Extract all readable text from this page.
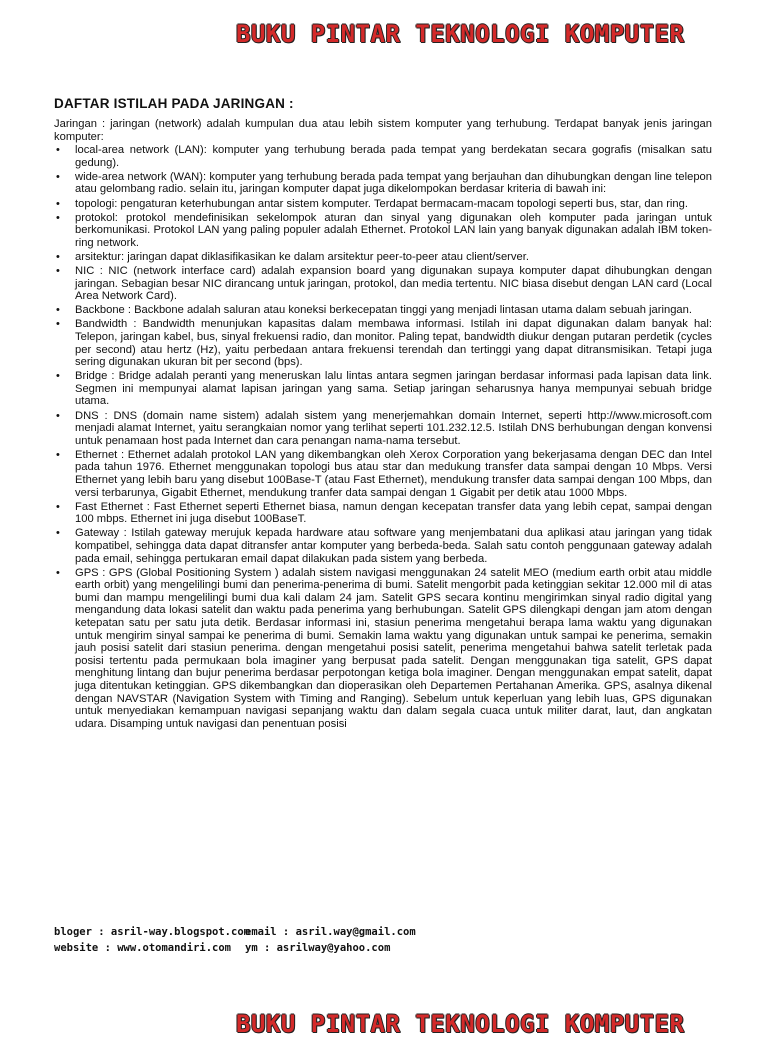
BUKU PINTAR TEKNOLOGI KOMPUTER
DAFTAR ISTILAH PADA JARINGAN :
Jaringan : jaringan (network) adalah kumpulan dua atau lebih sistem komputer yang terhubung. Terdapat banyak jenis jaringan komputer:
• local-area network (LAN): komputer yang terhubung berada pada tempat yang berdekatan secara gografis (misalkan satu gedung).
• wide-area network (WAN): komputer yang terhubung berada pada tempat yang berjauhan dan dihubungkan dengan line telepon atau gelombang radio. selain itu, jaringan komputer dapat juga dikelompokan berdasar kriteria di bawah ini:
• topologi: pengaturan keterhubungan antar sistem komputer. Terdapat bermacam-macam topologi seperti bus, star, dan ring.
• protokol: protokol mendefinisikan sekelompok aturan dan sinyal yang digunakan oleh komputer pada jaringan untuk berkomunikasi. Protokol LAN yang paling populer adalah Ethernet. Protokol LAN lain yang banyak digunakan adalah IBM token-ring network.
• arsitektur: jaringan dapat diklasifikasikan ke dalam arsitektur peer-to-peer atau client/server.
• NIC : NIC (network interface card) adalah expansion board yang digunakan supaya komputer dapat dihubungkan dengan jaringan. Sebagian besar NIC dirancang untuk jaringan, protokol, dan media tertentu. NIC biasa disebut dengan LAN card (Local Area Network Card).
• Backbone : Backbone adalah saluran atau koneksi berkecepatan tinggi yang menjadi lintasan utama dalam sebuah jaringan.
• Bandwidth : Bandwidth menunjukan kapasitas dalam membawa informasi. Istilah ini dapat digunakan dalam banyak hal: Telepon, jaringan kabel, bus, sinyal frekuensi radio, dan monitor. Paling tepat, bandwidth diukur dengan putaran perdetik (cycles per second) atau hertz (Hz), yaitu perbedaan antara frekuensi terendah dan tertinggi yang dapat ditransmisikan. Tetapi juga sering digunakan ukuran bit per second (bps).
• Bridge : Bridge adalah peranti yang meneruskan lalu lintas antara segmen jaringan berdasar informasi pada lapisan data link. Segmen ini mempunyai alamat lapisan jaringan yang sama. Setiap jaringan seharusnya hanya mempunyai sebuah bridge utama.
• DNS : DNS (domain name sistem) adalah sistem yang menerjemahkan domain Internet, seperti http://www.microsoft.com menjadi alamat Internet, yaitu serangkaian nomor yang terlihat seperti 101.232.12.5. Istilah DNS berhubungan dengan konvensi untuk penamaan host pada Internet dan cara penangan nama-nama tersebut.
• Ethernet : Ethernet adalah protokol LAN yang dikembangkan oleh Xerox Corporation yang bekerjasama dengan DEC dan Intel pada tahun 1976. Ethernet menggunakan topologi bus atau star dan medukung transfer data sampai dengan 10 Mbps. Versi Ethernet yang lebih baru yang disebut 100Base-T (atau Fast Ethernet), mendukung transfer data sampai dengan 100 Mbps, dan versi terbarunya, Gigabit Ethernet, mendukung tranfer data sampai dengan 1 Gigabit per detik atau 1000 Mbps.
• Fast Ethernet : Fast Ethernet seperti Ethernet biasa, namun dengan kecepatan transfer data yang lebih cepat, sampai dengan 100 mbps. Ethernet ini juga disebut 100BaseT.
• Gateway : Istilah gateway merujuk kepada hardware atau software yang menjembatani dua aplikasi atau jaringan yang tidak kompatibel, sehingga data dapat ditransfer antar komputer yang berbeda-beda. Salah satu contoh penggunaan gateway adalah pada email, sehingga pertukaran email dapat dilakukan pada sistem yang berbeda.
• GPS : GPS (Global Positioning System ) adalah sistem navigasi menggunakan 24 satelit MEO (medium earth orbit atau middle earth orbit) yang mengelilingi bumi dan penerima-penerima di bumi. Satelit mengorbit pada ketinggian sekitar 12.000 mil di atas bumi dan mampu mengelilingi bumi dua kali dalam 24 jam. Satelit GPS secara kontinu mengirimkan sinyal radio digital yang mengandung data lokasi satelit dan waktu pada penerima yang berhubungan. Satelit GPS dilengkapi dengan jam atom dengan ketepatan satu per satu juta detik. Berdasar informasi ini, stasiun penerima mengetahui berapa lama waktu yang digunakan untuk mengirim sinyal sampai ke penerima di bumi. Semakin lama waktu yang digunakan untuk sampai ke penerima, semakin jauh posisi satelit dari stasiun penerima. dengan mengetahui posisi satelit, penerima mengetahui bahwa satelit terletak pada posisi tertentu pada permukaan bola imaginer yang berpusat pada satelit. Dengan menggunakan tiga satelit, GPS dapat menghitung lintang dan bujur penerima berdasar perpotongan ketiga bola imaginer. Dengan menggunakan empat satelit, dapat juga ditentukan ketinggian. GPS dikembangkan dan dioperasikan oleh Departemen Pertahanan Amerika. GPS, asalnya dikenal dengan NAVSTAR (Navigation System with Timing and Ranging). Sebelum untuk keperluan yang lebih luas, GPS digunakan untuk menyediakan kemampuan navigasi sepanjang waktu dan dalam segala cuaca untuk militer darat, laut, dan angkatan udara. Disamping untuk navigasi dan penentuan posisi
bloger : asril-way.blogspot.com
website : www.otomandiri.com
email : asril.way@gmail.com
ym : asrilway@yahoo.com
BUKU PINTAR TEKNOLOGI KOMPUTER
